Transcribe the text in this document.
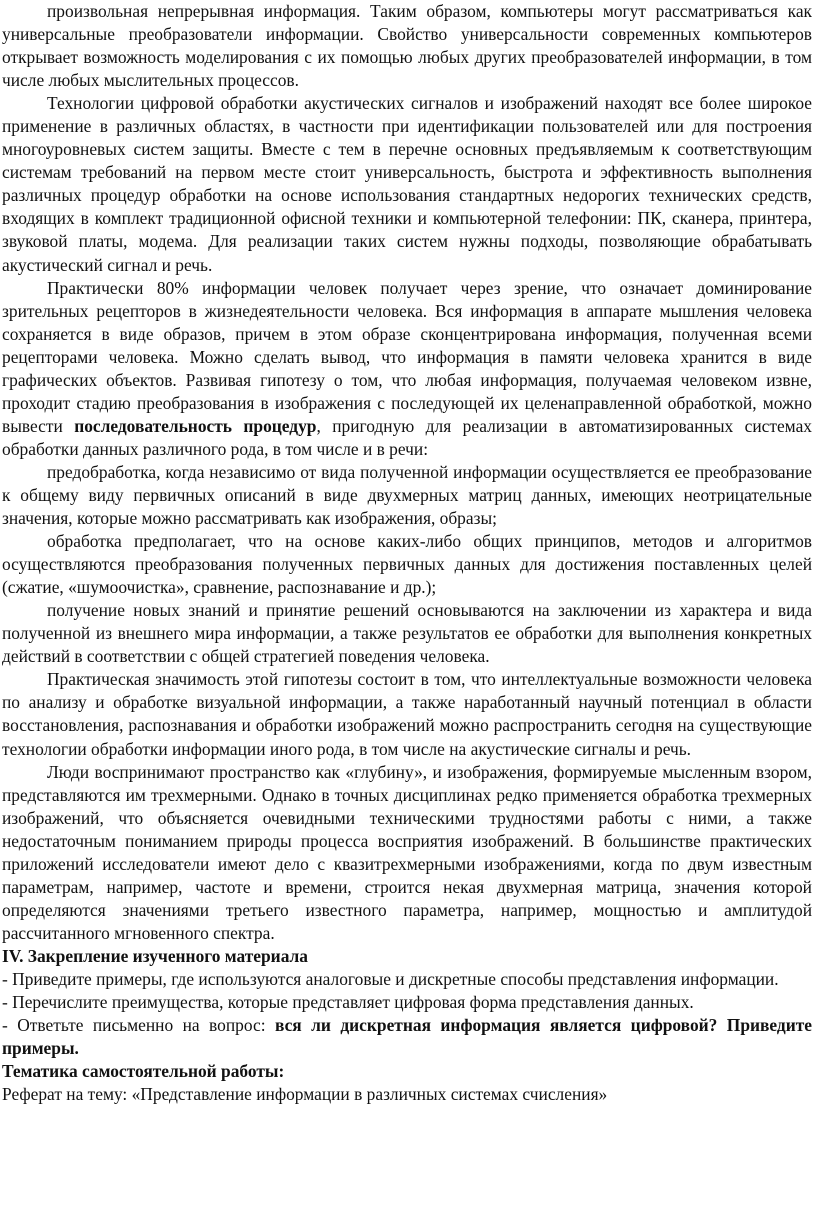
произвольная непрерывная информация. Таким образом, компьютеры могут рассматриваться как универсальные преобразователи информации. Свойство универсальности современных компьютеров открывает возможность моделирования с их помощью любых других преобразователей информации, в том числе любых мыслительных процессов.

Технологии цифровой обработки акустических сигналов и изображений находят все более широкое применение в различных областях, в частности при идентификации пользователей или для построения многоуровневых систем защиты. Вместе с тем в перечне основных предъявляемым к соответствующим системам требований на первом месте стоит универсальность, быстрота и эффективность выполнения различных процедур обработки на основе использования стандартных недорогих технических средств, входящих в комплект традиционной офисной техники и компьютерной телефонии: ПК, сканера, принтера, звуковой платы, модема. Для реализации таких систем нужны подходы, позволяющие обрабатывать акустический сигнал и речь.

Практически 80% информации человек получает через зрение, что означает доминирование зрительных рецепторов в жизнедеятельности человека. Вся информация в аппарате мышления человека сохраняется в виде образов, причем в этом образе сконцентрирована информация, полученная всеми рецепторами человека. Можно сделать вывод, что информация в памяти человека хранится в виде графических объектов. Развивая гипотезу о том, что любая информация, получаемая человеком извне, проходит стадию преобразования в изображения с последующей их целенаправленной обработкой, можно вывести последовательность процедур, пригодную для реализации в автоматизированных системах обработки данных различного рода, в том числе и в речи:

предобработка, когда независимо от вида полученной информации осуществляется ее преобразование к общему виду первичных описаний в виде двухмерных матриц данных, имеющих неотрицательные значения, которые можно рассматривать как изображения, образы;

обработка предполагает, что на основе каких-либо общих принципов, методов и алгоритмов осуществляются преобразования полученных первичных данных для достижения поставленных целей (сжатие, «шумоочистка», сравнение, распознавание и др.);

получение новых знаний и принятие решений основываются на заключении из характера и вида полученной из внешнего мира информации, а также результатов ее обработки для выполнения конкретных действий в соответствии с общей стратегией поведения человека.

Практическая значимость этой гипотезы состоит в том, что интеллектуальные возможности человека по анализу и обработке визуальной информации, а также наработанный научный потенциал в области восстановления, распознавания и обработки изображений можно распространить сегодня на существующие технологии обработки информации иного рода, в том числе на акустические сигналы и речь.

Люди воспринимают пространство как «глубину», и изображения, формируемые мысленным взором, представляются им трехмерными. Однако в точных дисциплинах редко применяется обработка трехмерных изображений, что объясняется очевидными техническими трудностями работы с ними, а также недостаточным пониманием природы процесса восприятия изображений. В большинстве практических приложений исследователи имеют дело с квазитрехмерными изображениями, когда по двум известным параметрам, например, частоте и времени, строится некая двухмерная матрица, значения которой определяются значениями третьего известного параметра, например, мощностью и амплитудой рассчитанного мгновенного спектра.

IV. Закрепление изученного материала

- Приведите примеры, где используются аналоговые и дискретные способы представления информации.

- Перечислите преимущества, которые представляет цифровая форма представления данных.

- Ответьте письменно на вопрос: вся ли дискретная информация является цифровой? Приведите примеры.

Тематика самостоятельной работы:

Реферат на тему: «Представление информации в различных системах счисления»
